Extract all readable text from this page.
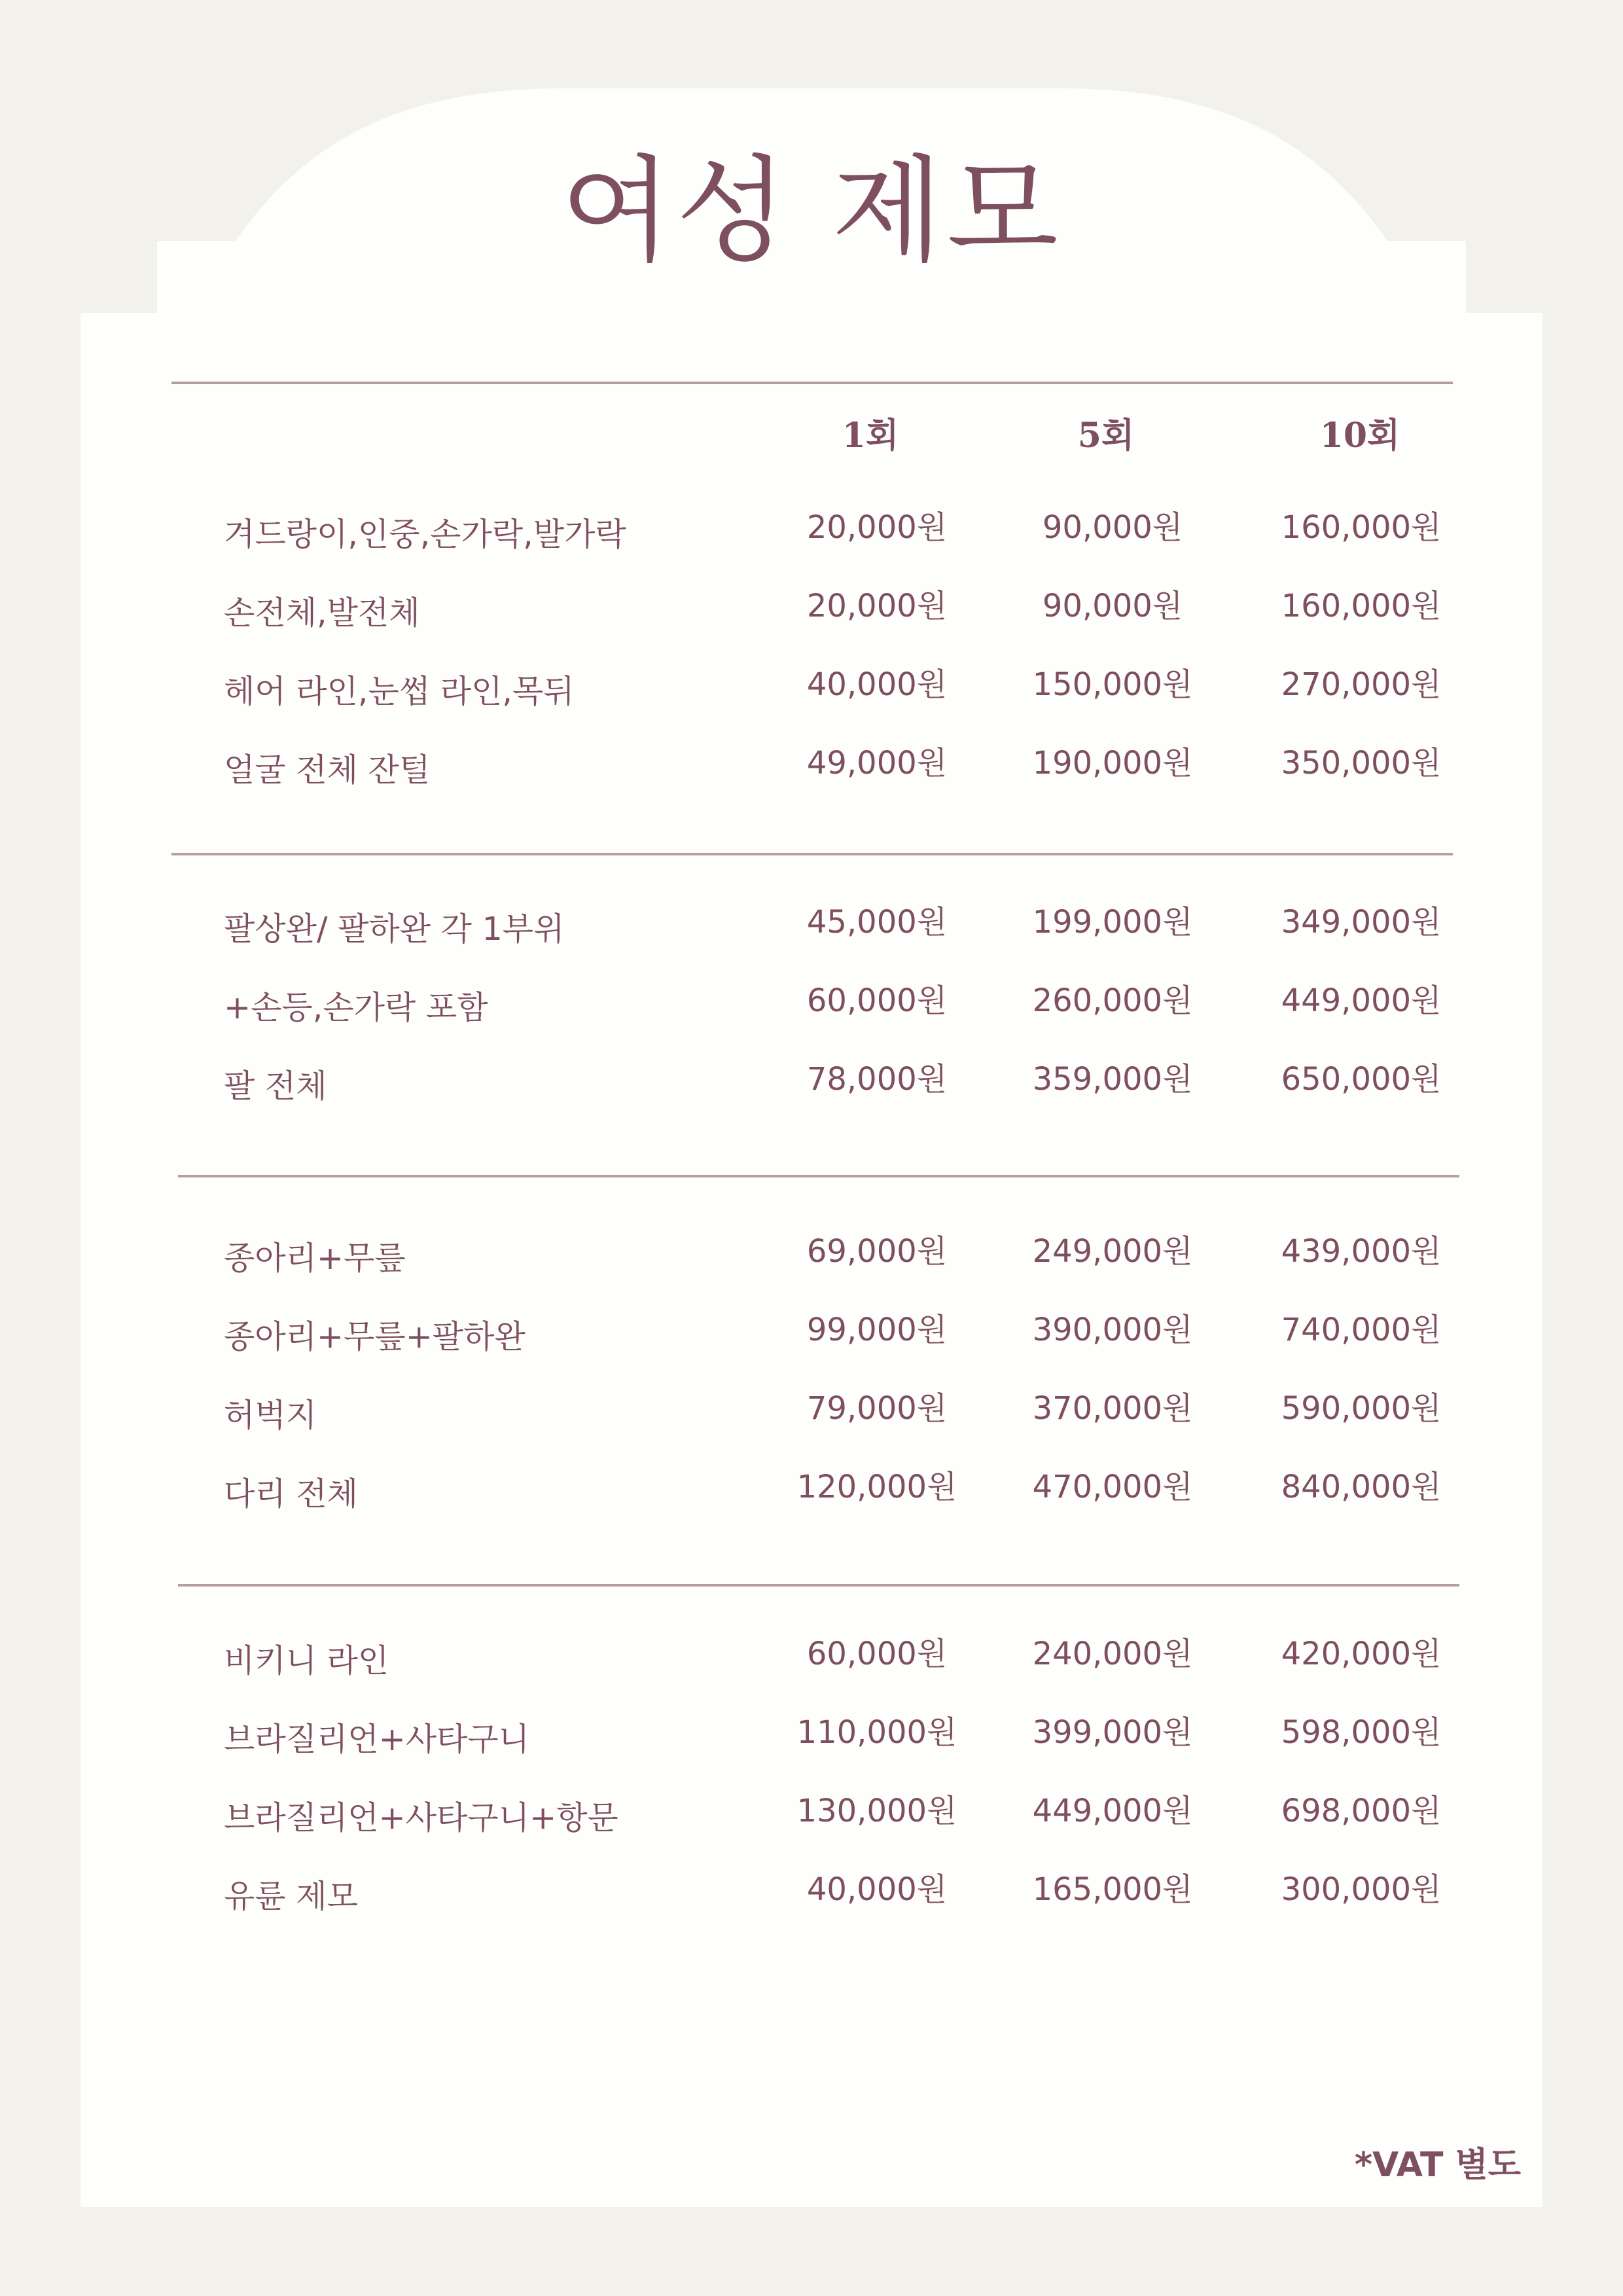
여성 제모
1회	5회	10회
겨드랑이,인중,손가락,발가락	20,000원	90,000원	160,000원
손전체,발전체	20,000원	90,000원	160,000원
헤어 라인,눈썹 라인,목뒤	40,000원	150,000원	270,000원
얼굴 전체 잔털	49,000원	190,000원	350,000원
팔상완/ 팔하완 각 1부위	45,000원	199,000원	349,000원
+손등,손가락 포함	60,000원	260,000원	449,000원
팔 전체	78,000원	359,000원	650,000원
종아리+무릎	69,000원	249,000원	439,000원
종아리+무릎+팔하완	99,000원	390,000원	740,000원
허벅지	79,000원	370,000원	590,000원
다리 전체	120,000원	470,000원	840,000원
비키니 라인	60,000원	240,000원	420,000원
브라질리언+사타구니	110,000원	399,000원	598,000원
브라질리언+사타구니+항문	130,000원	449,000원	698,000원
유륜 제모	40,000원	165,000원	300,000원
*VAT 별도
